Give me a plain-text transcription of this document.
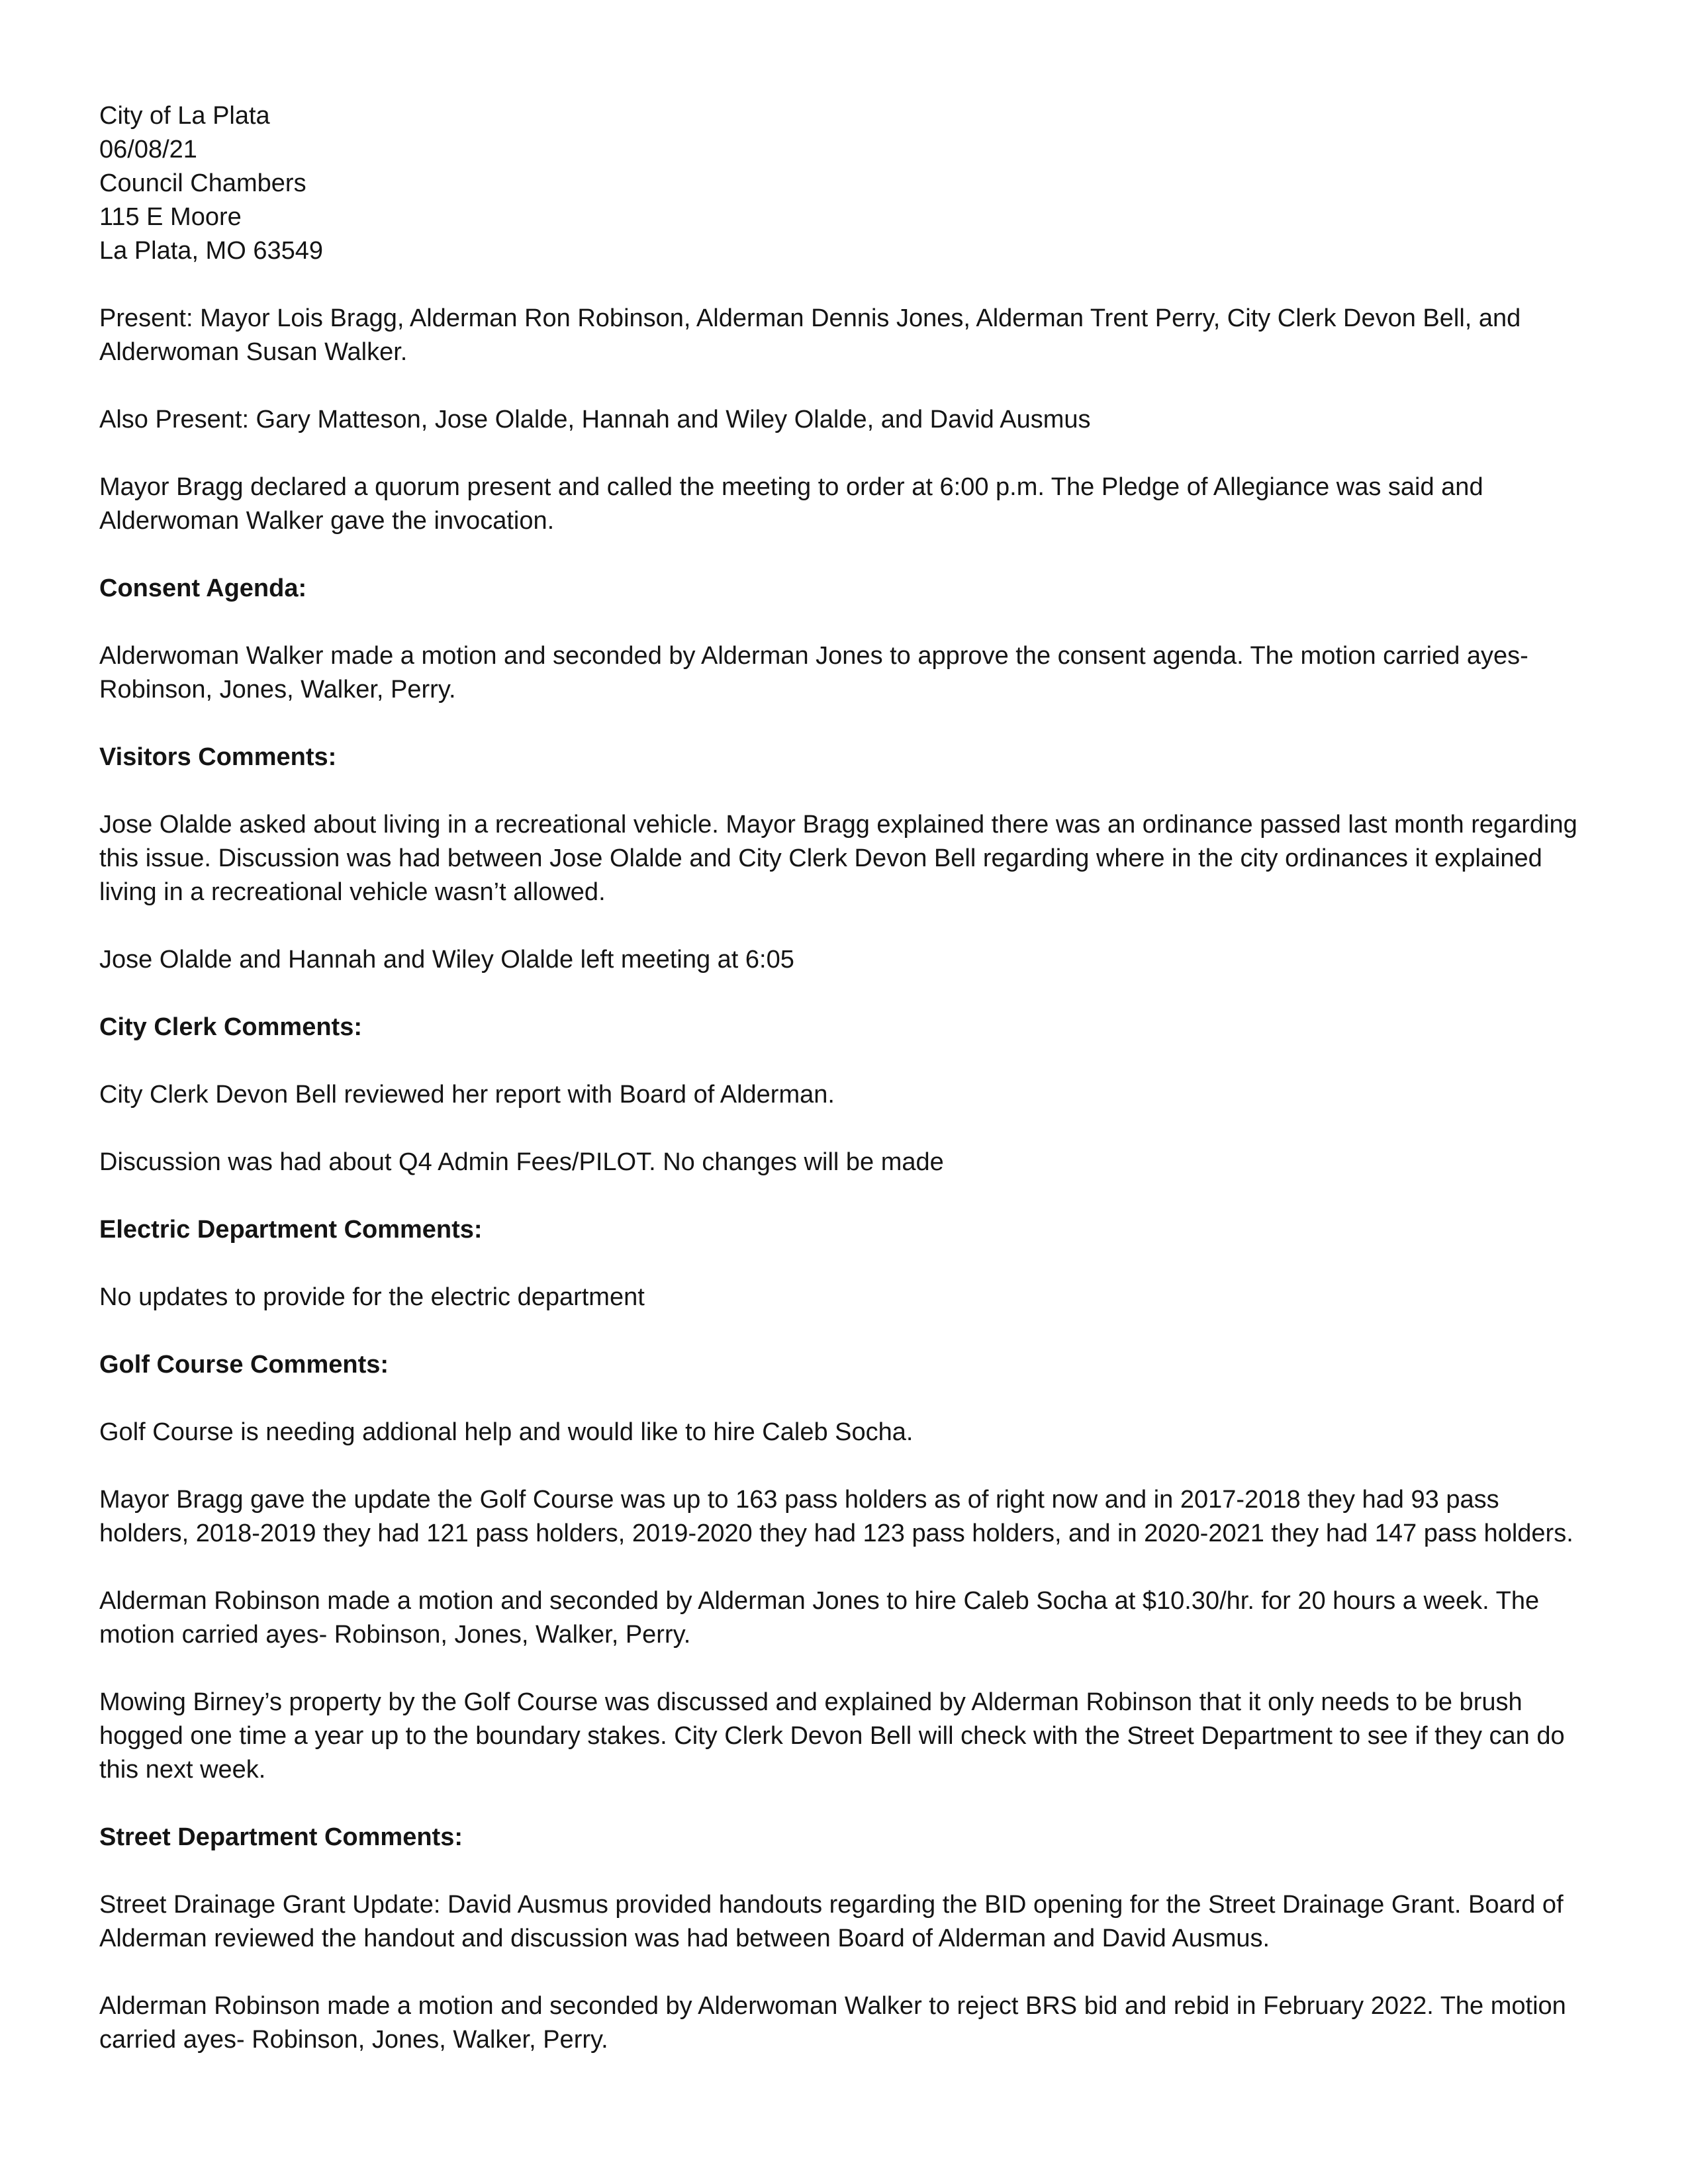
City of La Plata
06/08/21
Council Chambers
115 E Moore
La Plata, MO 63549

Present: Mayor Lois Bragg, Alderman Ron Robinson, Alderman Dennis Jones, Alderman Trent Perry, City Clerk Devon Bell, and Alderwoman Susan Walker.

Also Present: Gary Matteson, Jose Olalde, Hannah and Wiley Olalde, and David Ausmus

Mayor Bragg declared a quorum present and called the meeting to order at 6:00 p.m. The Pledge of Allegiance was said and Alderwoman Walker gave the invocation.

Consent Agenda:

Alderwoman Walker made a motion and seconded by Alderman Jones to approve the consent agenda. The motion carried ayes- Robinson, Jones, Walker, Perry.

Visitors Comments:

Jose Olalde asked about living in a recreational vehicle. Mayor Bragg explained there was an ordinance passed last month regarding this issue. Discussion was had between Jose Olalde and City Clerk Devon Bell regarding where in the city ordinances it explained living in a recreational vehicle wasn’t allowed.

Jose Olalde and Hannah and Wiley Olalde left meeting at 6:05

City Clerk Comments:

City Clerk Devon Bell reviewed her report with Board of Alderman.

Discussion was had about Q4 Admin Fees/PILOT. No changes will be made

Electric Department Comments:

No updates to provide for the electric department

Golf Course Comments:

Golf Course is needing addional help and would like to hire Caleb Socha.

Mayor Bragg gave the update the Golf Course was up to 163 pass holders as of right now and in 2017-2018 they had 93 pass holders, 2018-2019 they had 121 pass holders, 2019-2020 they had 123 pass holders, and in 2020-2021 they had 147 pass holders.

Alderman Robinson made a motion and seconded by Alderman Jones to hire Caleb Socha at $10.30/hr. for 20 hours a week. The motion carried ayes- Robinson, Jones, Walker, Perry.

Mowing Birney’s property by the Golf Course was discussed and explained by Alderman Robinson that it only needs to be brush hogged one time a year up to the boundary stakes. City Clerk Devon Bell will check with the Street Department to see if they can do this next week.

Street Department Comments:

Street Drainage Grant Update: David Ausmus provided handouts regarding the BID opening for the Street Drainage Grant. Board of Alderman reviewed the handout and discussion was had between Board of Alderman and David Ausmus.

Alderman Robinson made a motion and seconded by Alderwoman Walker to reject BRS bid and rebid in February 2022. The motion carried ayes- Robinson, Jones, Walker, Perry.
